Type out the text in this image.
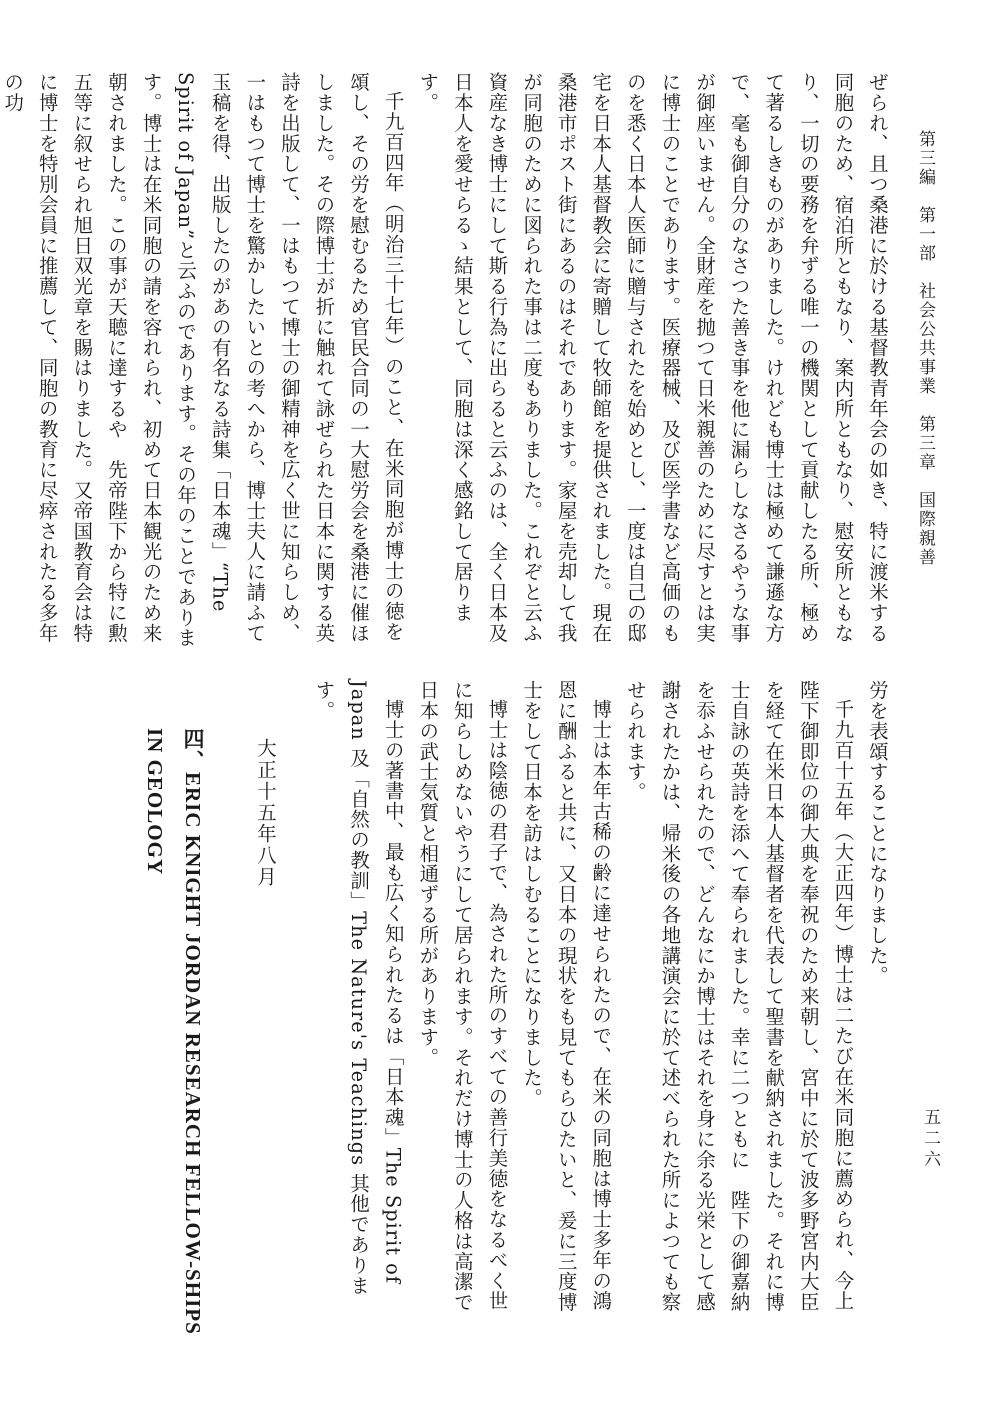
第三編　第一部　社会公共事業　第三章　国際親善
五二六

ぜられ、且つ桑港に於ける基督教青年会の如き、特に渡米する同胞のため、宿泊所ともなり、案内所ともなり、慰安所ともなり、一切の要務を弁ずる唯一の機関として貢献したる所、極めて著るしきものがありました。けれども博士は極めて謙遜な方で、毫も御自分のなさつた善き事を他に漏らしなさるやうな事が御座いません。全財産を抛つて日米親善のために尽すとは実に博士のことであります。医療器械、及び医学書など高価のものを悉く日本人医師に贈与されたを始めとし、一度は自己の邸宅を日本人基督教会に寄贈して牧師館を提供されました。現在桑港市ポスト街にあるのはそれであります。家屋を売却して我が同胞のために図られた事は二度もありました。これぞと云ふ資産なき博士にして斯る行為に出らると云ふのは、全く日本及日本人を愛せらるゝ結果として、同胞は深く感銘して居ります。

千九百四年（明治三十七年）のこと、在米同胞が博士の徳を頌し、その労を慰むるため官民合同の一大慰労会を桑港に催ほしました。その際博士が折に触れて詠ぜられた日本に関する英詩を出版して、一はもつて博士の御精神を広く世に知らしめ、一はもつて博士を驚かしたいとの考へから、博士夫人に請ふて玉稿を得、出版したのがあの有名なる詩集「日本魂」“The Spirit of Japan”と云ふのであります。その年のことであります。博士は在米同胞の請を容れられ、初めて日本観光のため来朝されました。この事が天聴に達するや　先帝陛下から特に勲五等に叙せられ旭日双光章を賜はりました。又帝国教育会は特に博士を特別会員に推薦して、同胞の教育に尽瘁されたる多年の功

労を表頌することになりました。

千九百十五年（大正四年）博士は二たび在米同胞に薦められ、今上陛下御即位の御大典を奉祝のため来朝し、宮中に於て波多野宮内大臣を経て在米日本人基督者を代表して聖書を献納されました。それに博士自詠の英詩を添へて奉られました。幸に二つともに　陛下の御嘉納を忝ふせられたので、どんなにか博士はそれを身に余る光栄として感謝されたかは、帰米後の各地講演会に於て述べられた所によつても察せられます。

博士は本年古稀の齢に達せられたので、在米の同胞は博士多年の鴻恩に酬ふると共に、又日本の現状をも見てもらひたいと、爰に三度博士をして日本を訪はしむることになりました。

博士は陰徳の君子で、為された所のすべての善行美徳をなるべく世に知らしめないやうにして居られます。それだけ博士の人格は高潔で日本の武士気質と相通ずる所があります。

博士の著書中、最も広く知られたるは「日本魂」The Spirit of Japan 及「自然の教訓」The Nature's Teachings 其他でありま す。

大正十五年八月
四、ERIC KNIGHT JORDAN RESEARCH FELLOW-SHIPS IN GEOLOGY
